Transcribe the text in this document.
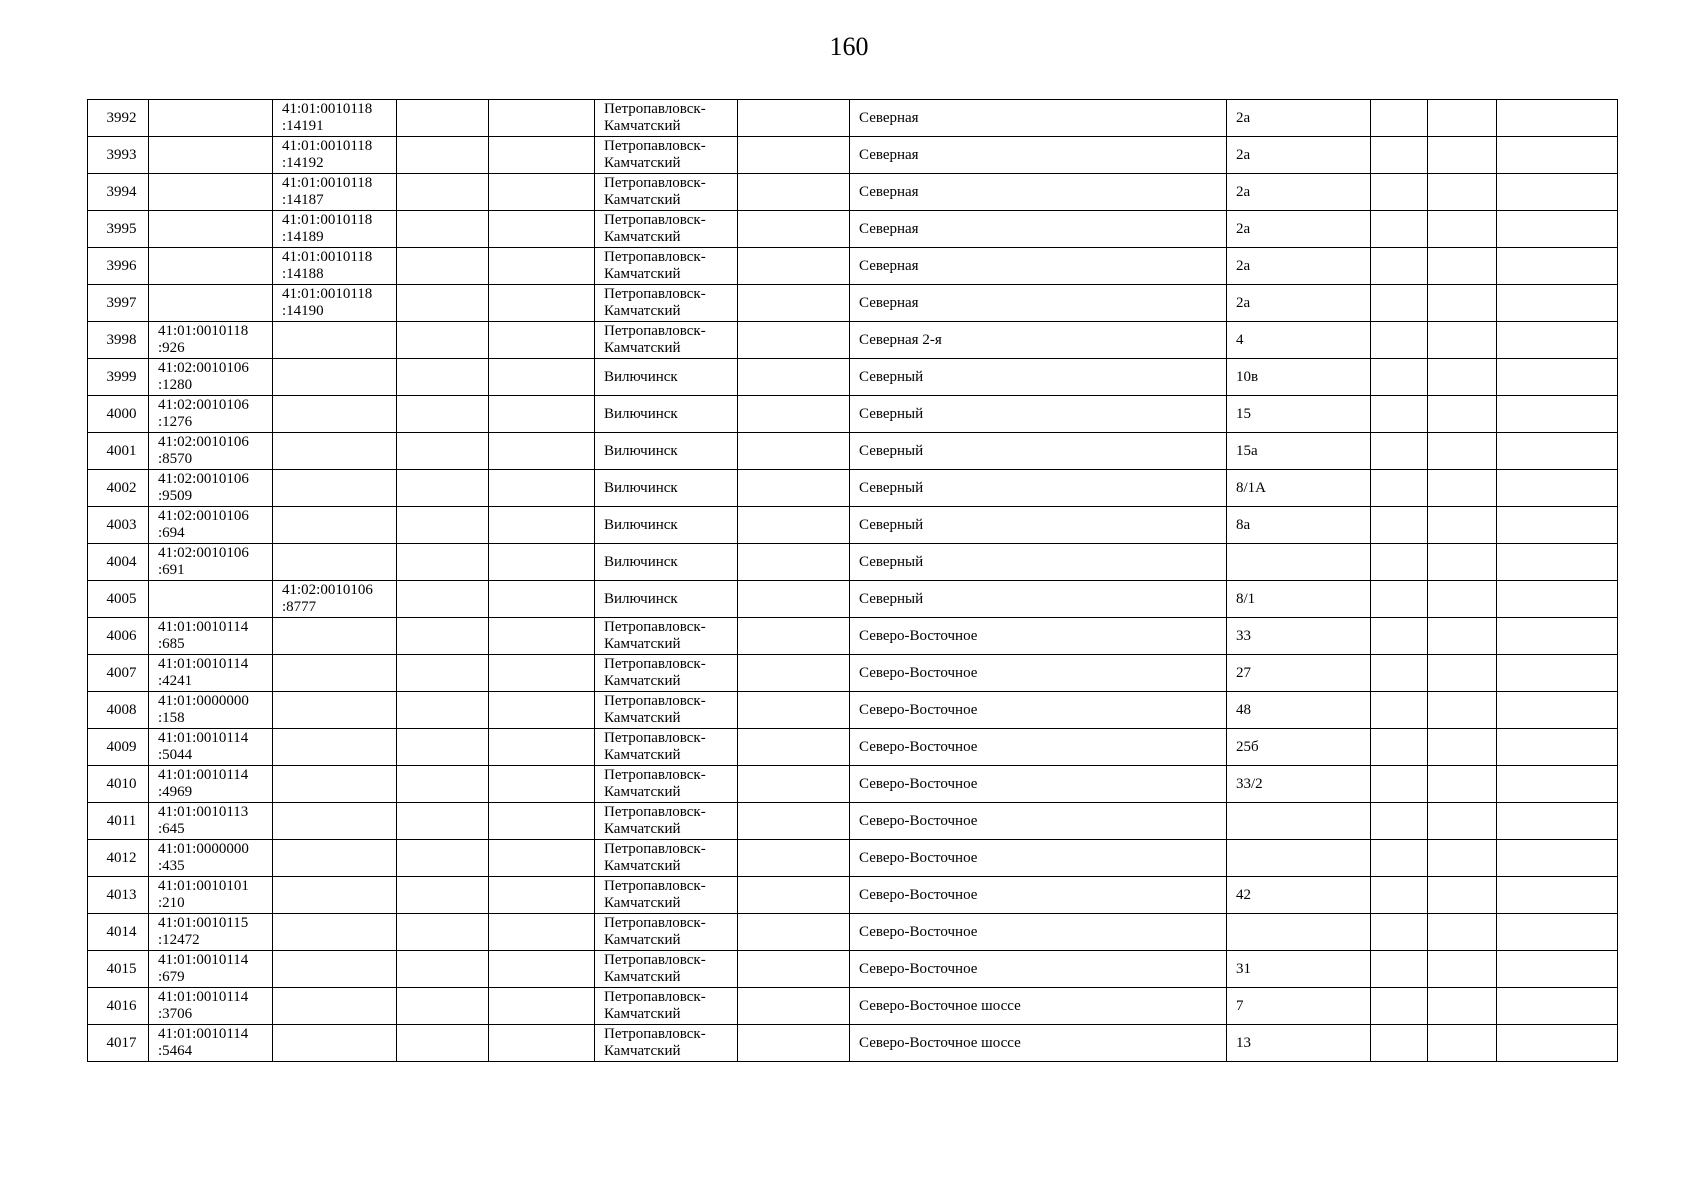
160
3992		41:01:0010118
:14191			Петропавловск-
Камчатский		Северная	2а			

3993		41:01:0010118
:14192			Петропавловск-
Камчатский		Северная	2а			

3994		41:01:0010118
:14187			Петропавловск-
Камчатский		Северная	2а			

3995		41:01:0010118
:14189			Петропавловск-
Камчатский		Северная	2а			

3996		41:01:0010118
:14188			Петропавловск-
Камчатский		Северная	2а			

3997		41:01:0010118
:14190			Петропавловск-
Камчатский		Северная	2а			

3998	41:01:0010118
:926				Петропавловск-
Камчатский		Северная 2-я	4			

3999	41:02:0010106
:1280				Вилючинск		Северный	10в			

4000	41:02:0010106
:1276				Вилючинск		Северный	15			

4001	41:02:0010106
:8570				Вилючинск		Северный	15а			

4002	41:02:0010106
:9509				Вилючинск		Северный	8/1А			

4003	41:02:0010106
:694				Вилючинск		Северный	8а			

4004	41:02:0010106
:691				Вилючинск		Северный				

4005		41:02:0010106
:8777			Вилючинск		Северный	8/1			

4006	41:01:0010114
:685				Петропавловск-
Камчатский		Северо-Восточное	33			

4007	41:01:0010114
:4241				Петропавловск-
Камчатский		Северо-Восточное	27			

4008	41:01:0000000
:158				Петропавловск-
Камчатский		Северо-Восточное	48			

4009	41:01:0010114
:5044				Петропавловск-
Камчатский		Северо-Восточное	25б			

4010	41:01:0010114
:4969				Петропавловск-
Камчатский		Северо-Восточное	33/2			

4011	41:01:0010113
:645				Петропавловск-
Камчатский		Северо-Восточное				

4012	41:01:0000000
:435				Петропавловск-
Камчатский		Северо-Восточное				

4013	41:01:0010101
:210				Петропавловск-
Камчатский		Северо-Восточное	42			

4014	41:01:0010115
:12472				Петропавловск-
Камчатский		Северо-Восточное				

4015	41:01:0010114
:679				Петропавловск-
Камчатский		Северо-Восточное	31			

4016	41:01:0010114
:3706				Петропавловск-
Камчатский		Северо-Восточное шоссе	7			

4017	41:01:0010114
:5464				Петропавловск-
Камчатский		Северо-Восточное шоссе	13			
